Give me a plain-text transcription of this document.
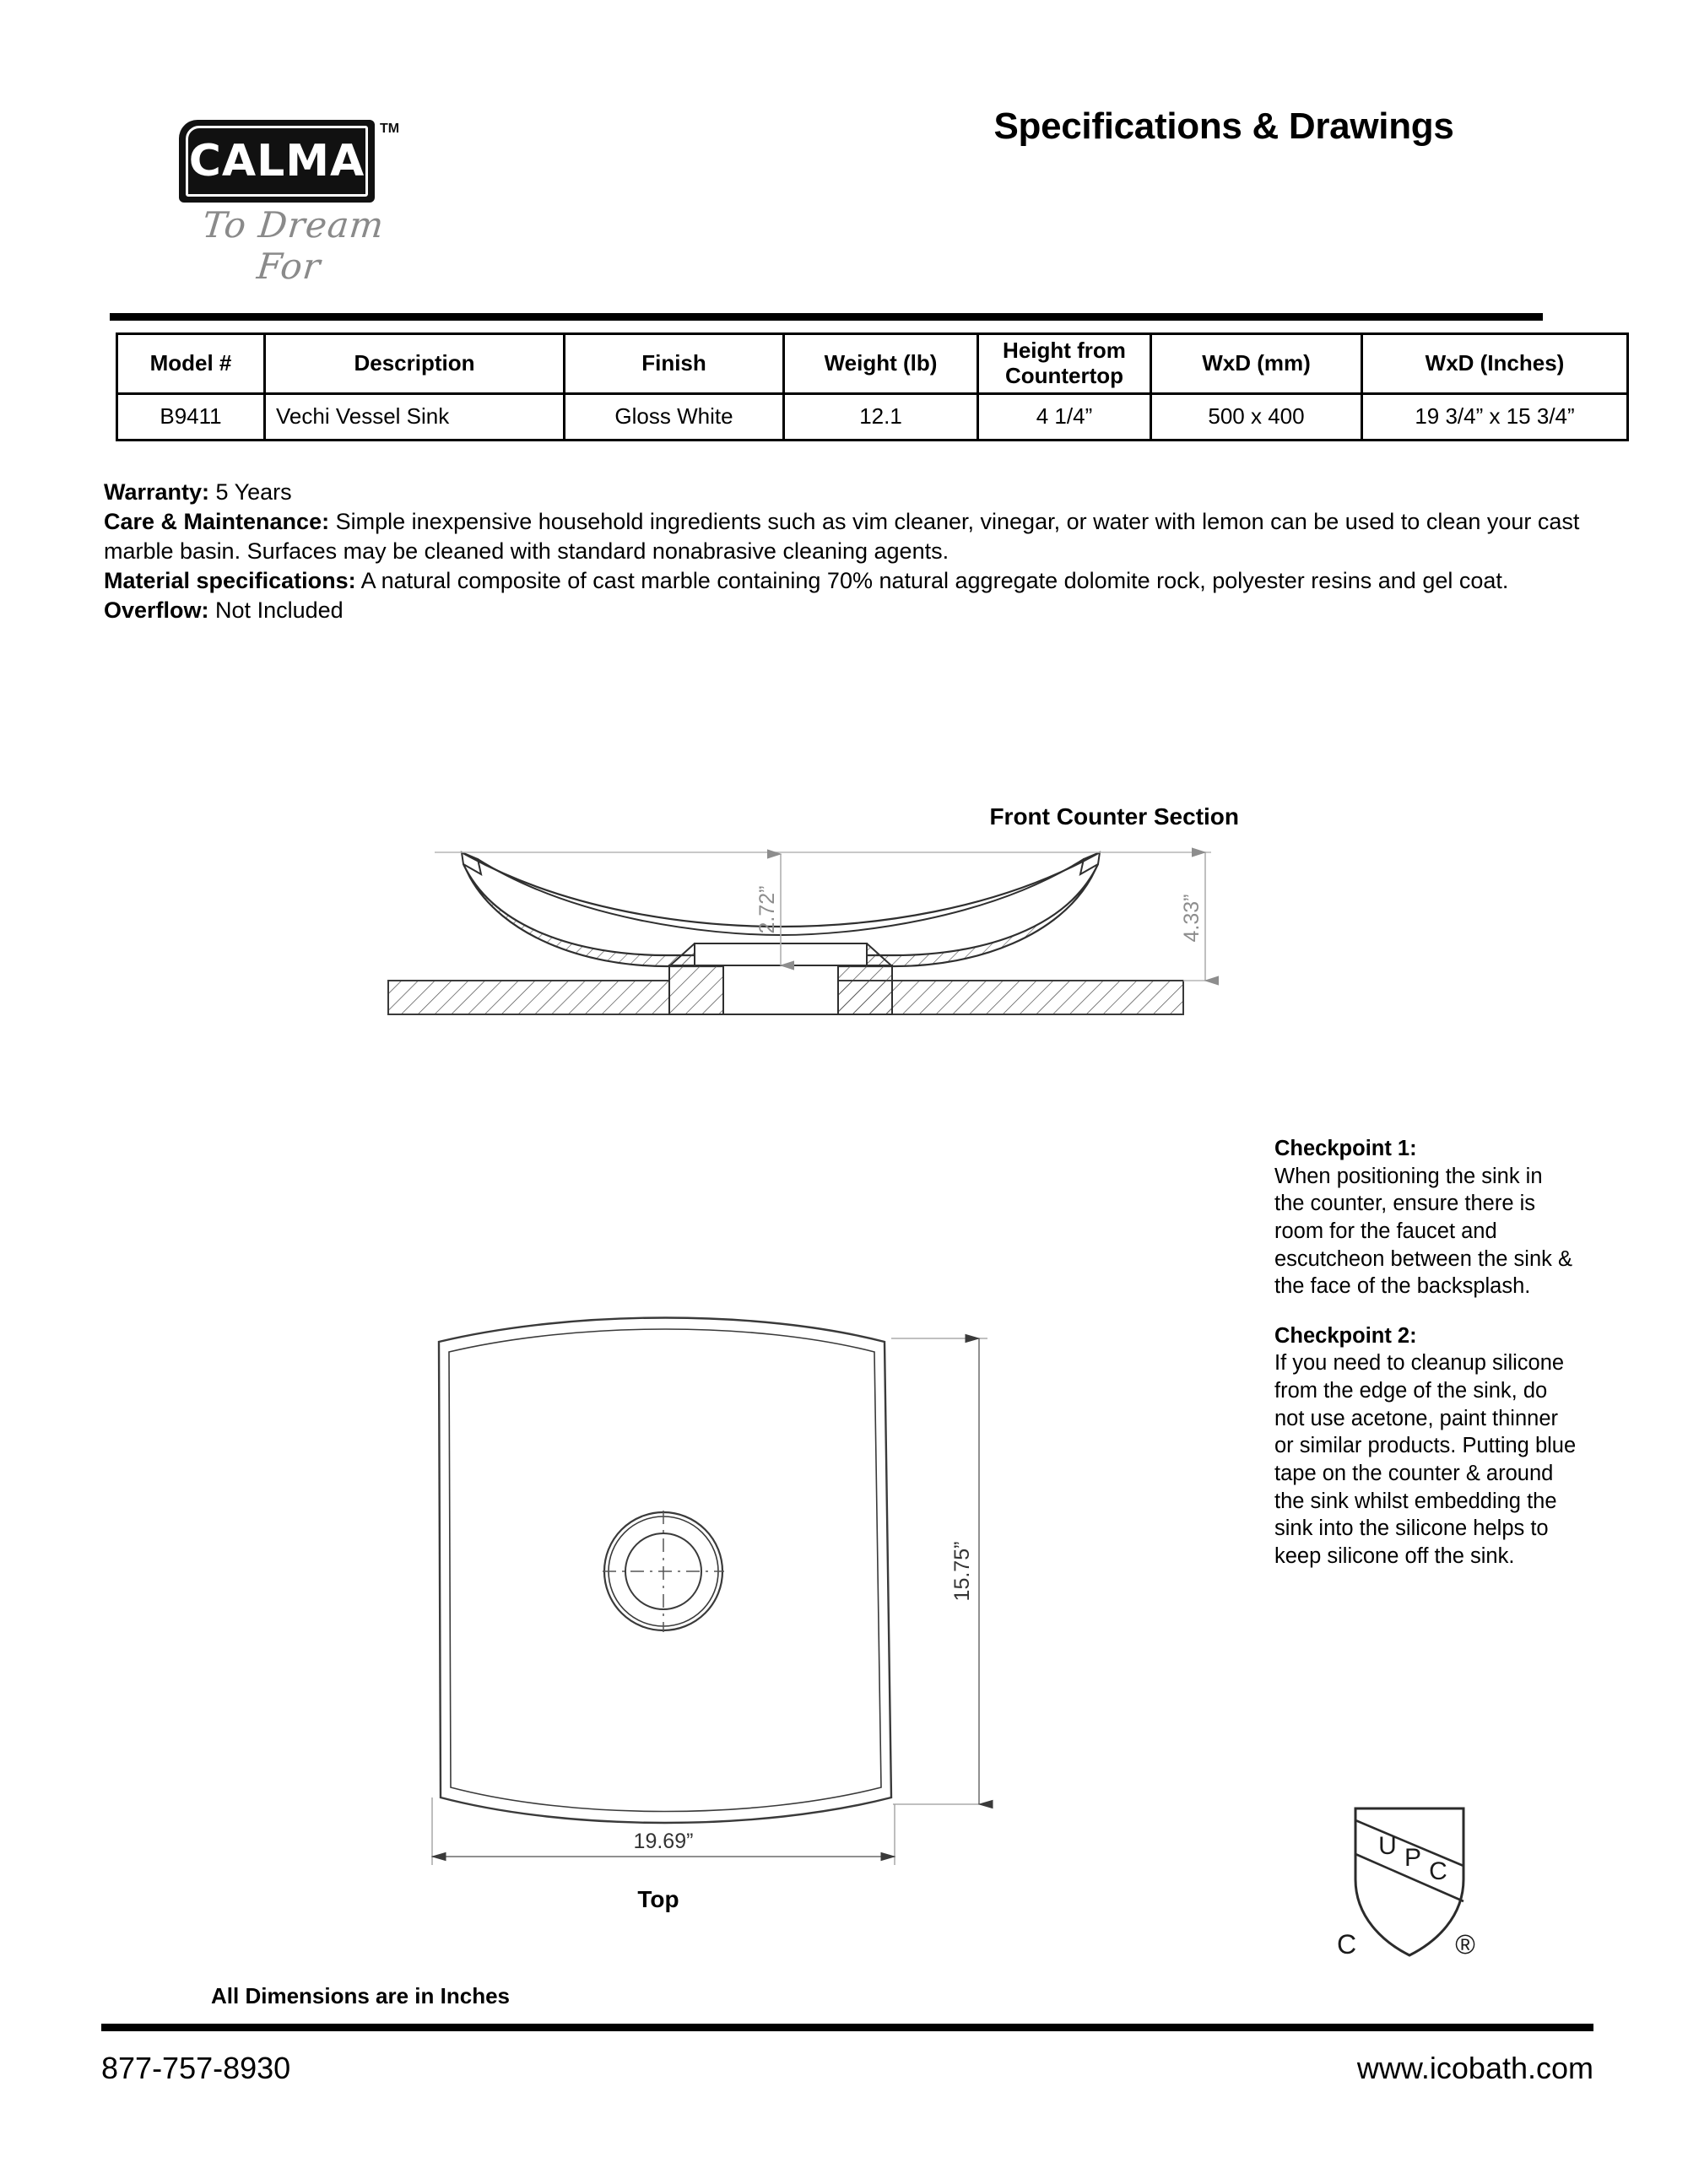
CALMA
TM
To Dream For
Specifications & Drawings
Model #	Description	Finish	Weight (lb)	Height from Countertop	WxD (mm)	WxD (Inches)
B9411	Vechi Vessel Sink	Gloss White	12.1	4 1/4”	500 x 400	19 3/4” x 15 3/4”

Warranty: 5 Years

Care & Maintenance: Simple inexpensive household ingredients such as vim cleaner, vinegar, or water with lemon can be used to clean your cast marble basin. Surfaces may be cleaned with standard nonabrasive cleaning agents.

Material specifications: A natural composite of cast marble containing 70% natural aggregate dolomite rock, polyester resins and gel coat.

Overflow: Not Included

Front Counter Section
2.72”	4.33”
15.75”
19.69”
Top
Checkpoint 1:
When positioning the sink in the counter, ensure there is room for the faucet and escutcheon between the sink & the face of the backsplash.
Checkpoint 2:
If you need to cleanup silicone from the edge of the sink, do not use acetone, paint thinner or similar products. Putting blue tape on the counter & around the sink whilst embedding the sink into the silicone helps to keep silicone off the sink.
U P C
C	®
All Dimensions are in Inches
877-757-8930	www.icobath.com
